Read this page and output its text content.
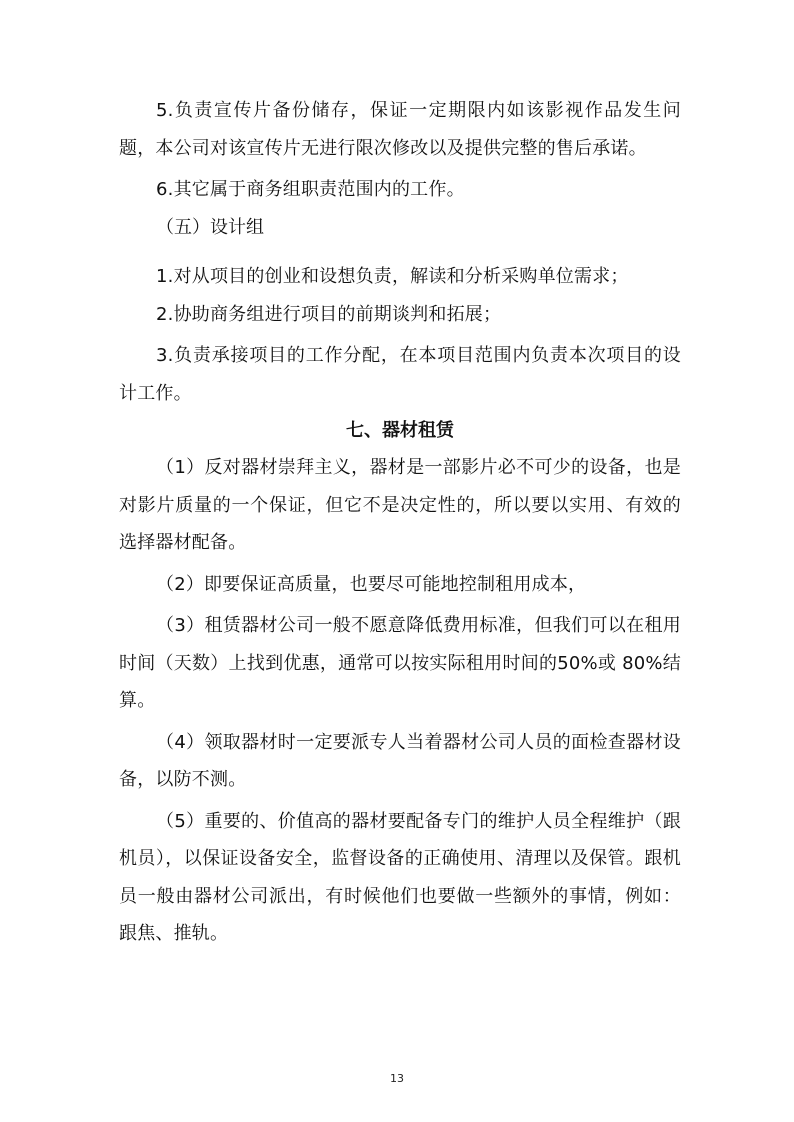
5.负责宣传片备份储存，保证一定期限内如该影视作品发生问题，本公司对该宣传片无进行限次修改以及提供完整的售后承诺。

6.其它属于商务组职责范围内的工作。

（五）设计组

1.对从项目的创业和设想负责，解读和分析采购单位需求；

2.协助商务组进行项目的前期谈判和拓展；

3.负责承接项目的工作分配，在本项目范围内负责本次项目的设计工作。

七、器材租赁

（1）反对器材崇拜主义，器材是一部影片必不可少的设备，也是对影片质量的一个保证，但它不是决定性的，所以要以实用、有效的选择器材配备。

（2）即要保证高质量，也要尽可能地控制租用成本，

（3）租赁器材公司一般不愿意降低费用标准，但我们可以在租用时间（天数）上找到优惠，通常可以按实际租用时间的50%或 80%结算。

（4）领取器材时一定要派专人当着器材公司人员的面检查器材设备，以防不测。

（5）重要的、价值高的器材要配备专门的维护人员全程维护（跟机员），以保证设备安全，监督设备的正确使用、清理以及保管。跟机员一般由器材公司派出，有时候他们也要做一些额外的事情，例如：跟焦、推轨。

13
